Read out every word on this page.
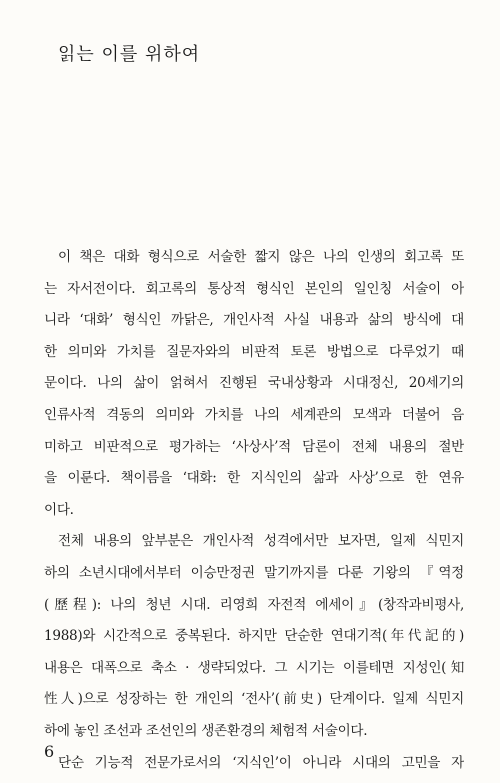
읽는 이를 위하여
이 책은 대화 형식으로 서술한 짧지 않은 나의 인생의 회고록 또
는 자서전이다. 회고록의 통상적 형식인 본인의 일인칭 서술이 아
니라 ‘대화’ 형식인 까닭은, 개인사적 사실 내용과 삶의 방식에 대
한 의미와 가치를 질문자와의 비판적 토론 방법으로 다루었기 때
문이다. 나의 삶이 얽혀서 진행된 국내상황과 시대정신, 20세기의
인류사적 격동의 의미와 가치를 나의 세계관의 모색과 더불어 음
미하고 비판적으로 평가하는 ‘사상사’적 담론이 전체 내용의 절반
을 이룬다. 책이름을 ‘대화: 한 지식인의 삶과 사상’으로 한 연유
이다.
전체 내용의 앞부분은 개인사적 성격에서만 보자면, 일제 식민지
하의 소년시대에서부터 이승만정권 말기까지를 다룬 기왕의 『역정
(歷程): 나의 청년 시대. 리영희 자전적 에세이』(창작과비평사,
1988)와 시간적으로 중복된다. 하지만 단순한 연대기적(年代記的)
내용은 대폭으로 축소 · 생략되었다. 그 시기는 이를테면 지성인(知
性人)으로 성장하는 한 개인의 ‘전사’(前史) 단계이다. 일제 식민지
하에 놓인 조선과 조선인의 생존환경의 체험적 서술이다.
단순 기능적 전문가로서의 ‘지식인’이 아니라 시대의 고민을 자
6
